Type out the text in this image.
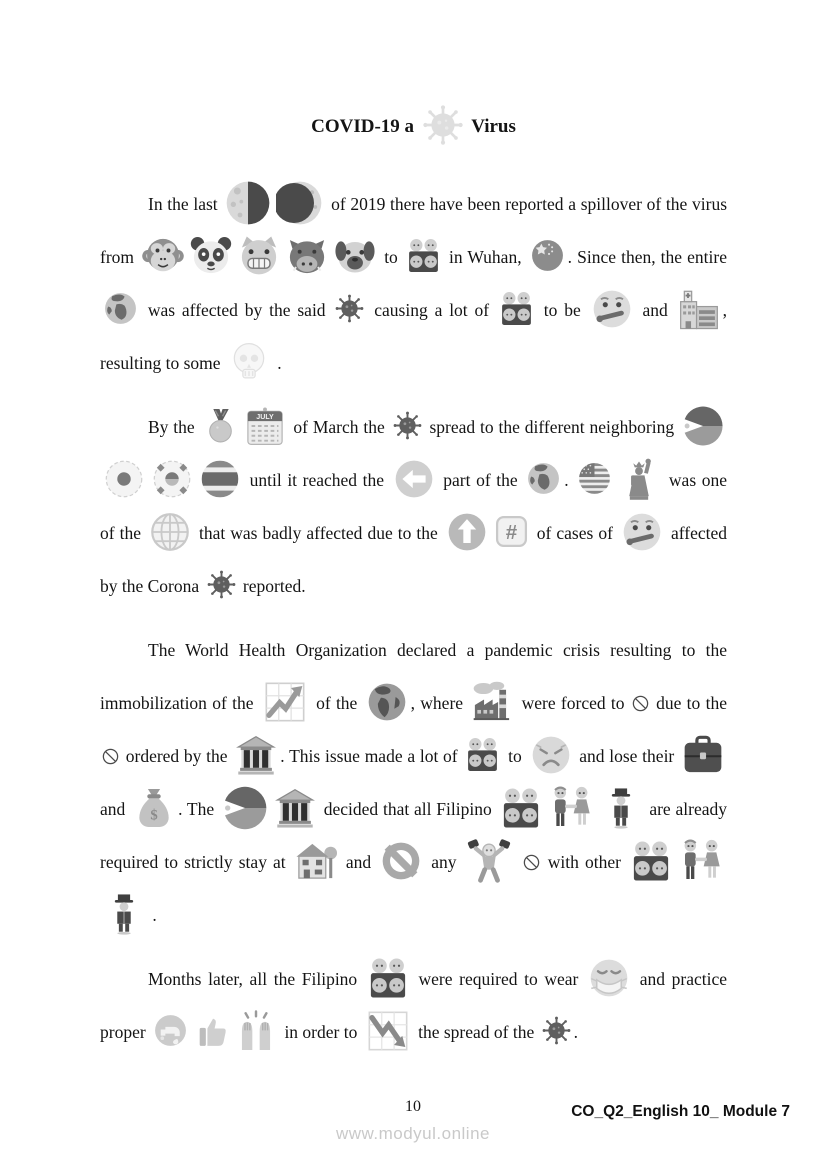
COVID-19 a	Virus

In the last	of 2019 there have been reported a spillover of the virus from	to
in Wuhan,
. Since then, the entire
was affected by the said
causing a lot of
to be	and	, resulting to some	.

By the	of March the
spread to the different neighboring
until it reached the	part of the
.	was one of the	that was badly affected due to the	of cases of	affected by the Corona
reported.

The World Health Organization declared a pandemic crisis resulting to the immobilization of the	of the	, where	were forced to
due to the
ordered by the	. This issue made a lot of
to	and lose their
and	. The	decided that all Filipino	are already required to strictly stay at	and	any
	with other
.

Months later, all the Filipino	were required to wear	and practice proper	in order to	the spread of the
.

10
www.modyul.online
CO_Q2_English 10_ Module 7
